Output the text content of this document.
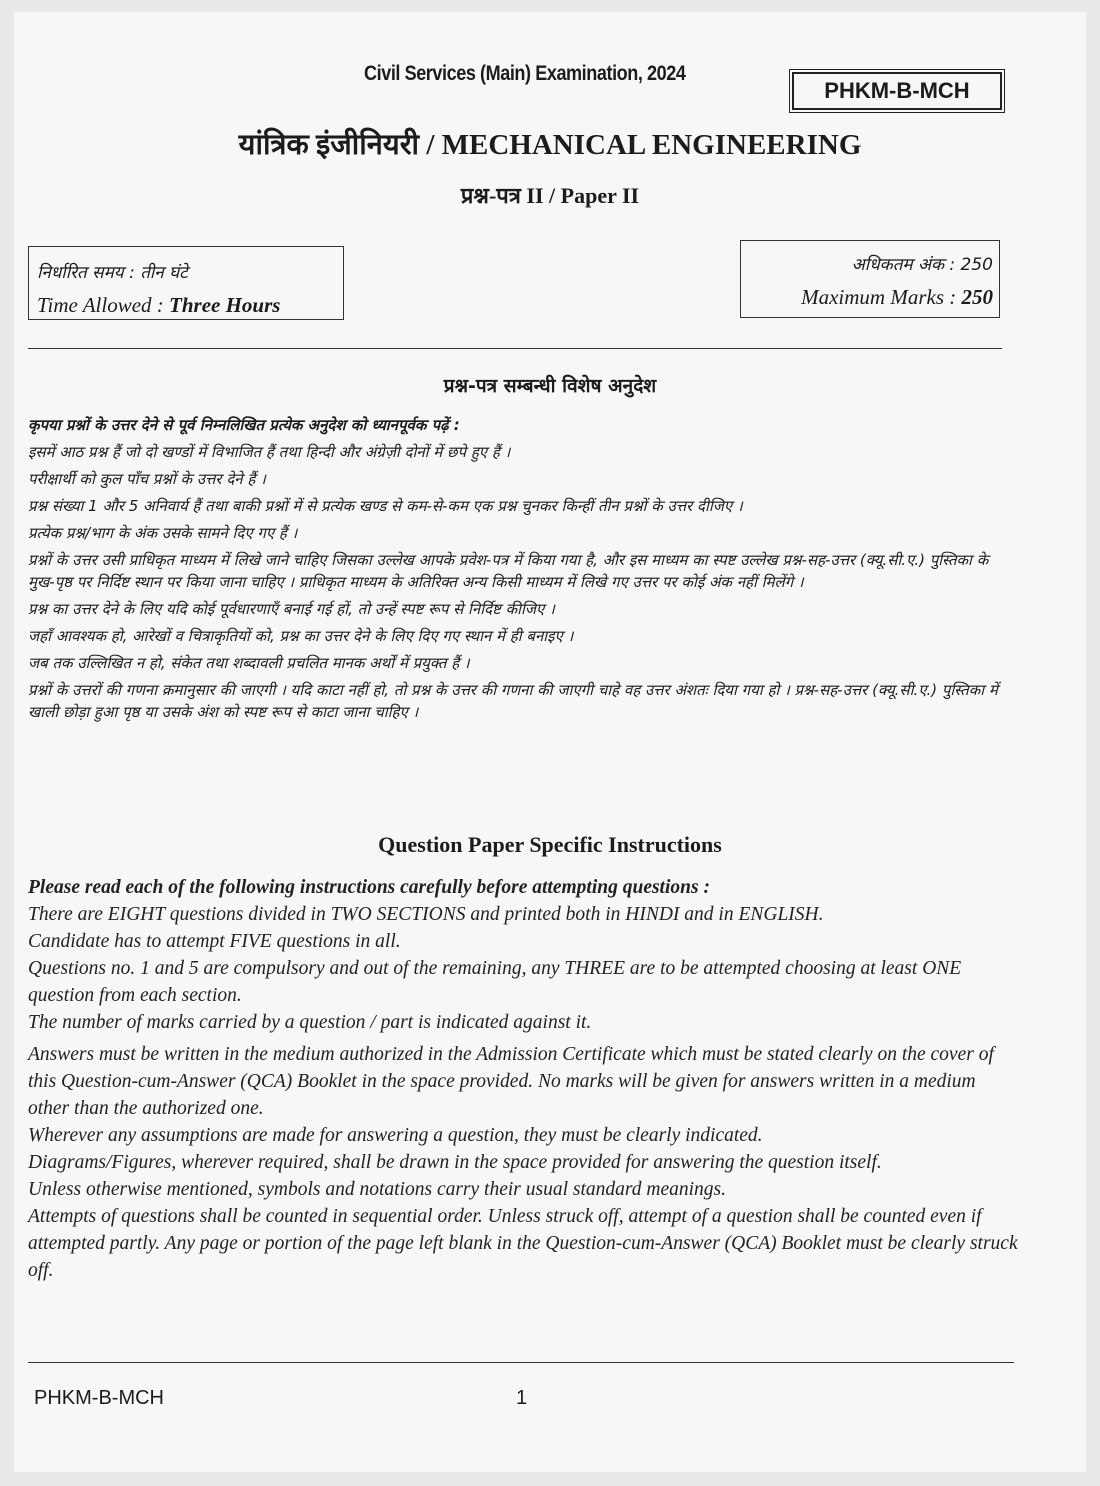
Civil Services (Main) Examination, 2024
PHKM-B-MCH
यांत्रिक इंजीनियरी / MECHANICAL ENGINEERING
प्रश्न-पत्र II / Paper II
निर्धारित समय : तीन घंटे
Time Allowed : Three Hours
अधिकतम अंक : 250
Maximum Marks : 250
प्रश्न-पत्र सम्बन्धी विशेष अनुदेश

कृपया प्रश्नों के उत्तर देने से पूर्व निम्नलिखित प्रत्येक अनुदेश को ध्यानपूर्वक पढ़ें :

इसमें आठ प्रश्न हैं जो दो खण्डों में विभाजित हैं तथा हिन्दी और अंग्रेज़ी दोनों में छपे हुए हैं ।

परीक्षार्थी को कुल पाँच प्रश्नों के उत्तर देने हैं ।

प्रश्न संख्या 1 और 5 अनिवार्य हैं तथा बाकी प्रश्नों में से प्रत्येक खण्ड से कम-से-कम एक प्रश्न चुनकर किन्हीं तीन प्रश्नों के उत्तर दीजिए ।

प्रत्येक प्रश्न/भाग के अंक उसके सामने दिए गए हैं ।

प्रश्नों के उत्तर उसी प्राधिकृत माध्यम में लिखे जाने चाहिए जिसका उल्लेख आपके प्रवेश-पत्र में किया गया है, और इस माध्यम का स्पष्ट उल्लेख प्रश्न-सह-उत्तर (क्यू.सी.ए.) पुस्तिका के मुख-पृष्ठ पर निर्दिष्ट स्थान पर किया जाना चाहिए । प्राधिकृत माध्यम के अतिरिक्त अन्य किसी माध्यम में लिखे गए उत्तर पर कोई अंक नहीं मिलेंगे ।

प्रश्न का उत्तर देने के लिए यदि कोई पूर्वधारणाएँ बनाई गई हों, तो उन्हें स्पष्ट रूप से निर्दिष्ट कीजिए ।

जहाँ आवश्यक हो, आरेखों व चित्राकृतियों को, प्रश्न का उत्तर देने के लिए दिए गए स्थान में ही बनाइए ।

जब तक उल्लिखित न हो, संकेत तथा शब्दावली प्रचलित मानक अर्थों में प्रयुक्त हैं ।

प्रश्नों के उत्तरों की गणना क्रमानुसार की जाएगी । यदि काटा नहीं हो, तो प्रश्न के उत्तर की गणना की जाएगी चाहे वह उत्तर अंशतः दिया गया हो । प्रश्न-सह-उत्तर (क्यू.सी.ए.) पुस्तिका में खाली छोड़ा हुआ पृष्ठ या उसके अंश को स्पष्ट रूप से काटा जाना चाहिए ।

Question Paper Specific Instructions

Please read each of the following instructions carefully before attempting questions :

There are EIGHT questions divided in TWO SECTIONS and printed both in HINDI and in ENGLISH.

Candidate has to attempt FIVE questions in all.

Questions no. 1 and 5 are compulsory and out of the remaining, any THREE are to be attempted choosing at least ONE question from each section.

The number of marks carried by a question / part is indicated against it.

Answers must be written in the medium authorized in the Admission Certificate which must be stated clearly on the cover of this Question-cum-Answer (QCA) Booklet in the space provided. No marks will be given for answers written in a medium other than the authorized one.

Wherever any assumptions are made for answering a question, they must be clearly indicated.

Diagrams/Figures, wherever required, shall be drawn in the space provided for answering the question itself.

Unless otherwise mentioned, symbols and notations carry their usual standard meanings.

Attempts of questions shall be counted in sequential order. Unless struck off, attempt of a question shall be counted even if attempted partly. Any page or portion of the page left blank in the Question-cum-Answer (QCA) Booklet must be clearly struck off.

PHKM-B-MCH	1
